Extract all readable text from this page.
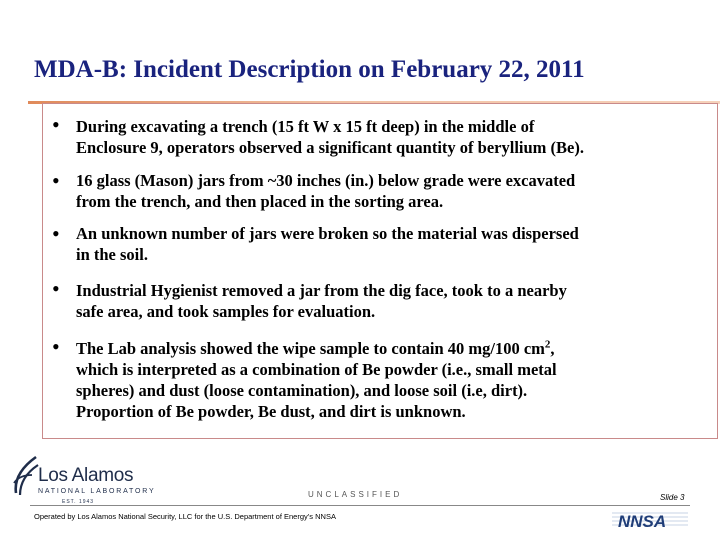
MDA-B: Incident Description on February 22, 2011
• During excavating a trench (15 ft W x 15 ft deep) in the middle of
Enclosure 9, operators observed a significant quantity of beryllium (Be).
• 16 glass (Mason) jars from ~30 inches (in.) below grade were excavated
from the trench, and then placed in the sorting area.
• An unknown number of jars were broken so the material was dispersed
in the soil.
• Industrial Hygienist removed a jar from the dig face, took to a nearby
safe area, and took samples for evaluation.
• The Lab analysis showed the wipe sample to contain 40 mg/100 $cm^2$,
which is interpreted as a combination of Be powder (i.e., small metal
spheres) and dust (loose contamination), and loose soil (i.e, dirt).
Proportion of Be powder, Be dust, and dirt is unknown.
Los Alamos
NATIONAL LABORATORY
EST. 1943
UNCLASSIFIED	Slide 3
Operated by Los Alamos National Security, LLC for the U.S. Department of Energy’s NNSA	NNSA
